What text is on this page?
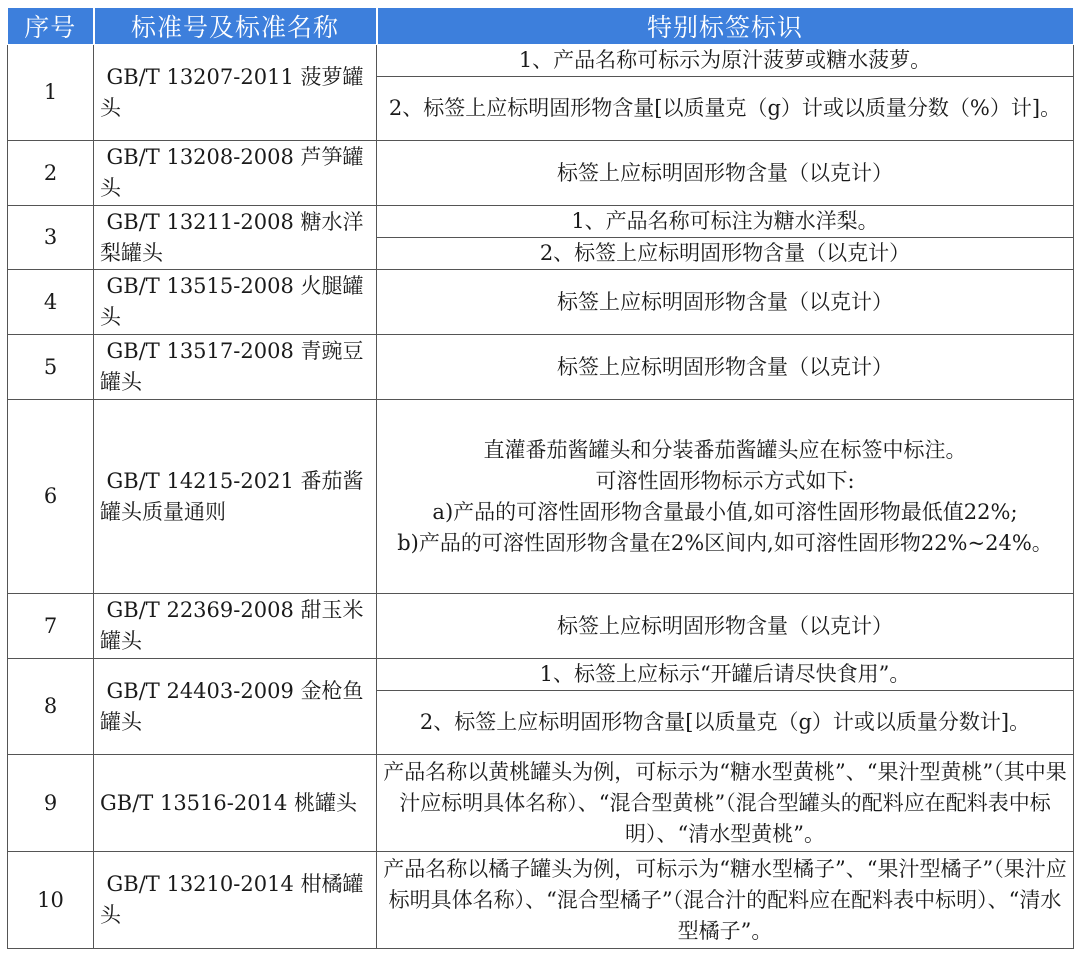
序号	标准号及标准名称	特别标签标识
1	GB/T 13207-2011 菠萝罐头	1、产品名称可标示为原汁菠萝或糖水菠萝。
		2、标签上应标明固形物含量[以质量克（g）计或以质量分数（%）计]。
2	GB/T 13208-2008 芦笋罐头	标签上应标明固形物含量（以克计）
3	GB/T 13211-2008 糖水洋梨罐头	1、产品名称可标注为糖水洋梨。
		2、标签上应标明固形物含量（以克计）
4	GB/T 13515-2008 火腿罐头	标签上应标明固形物含量（以克计）
5	GB/T 13517-2008 青豌豆罐头	标签上应标明固形物含量（以克计）
6	GB/T 14215-2021 番茄酱罐头质量通则	直灌番茄酱罐头和分装番茄酱罐头应在标签中标注。
可溶性固形物标示方式如下:
a)产品的可溶性固形物含量最小值,如可溶性固形物最低值22%;
b)产品的可溶性固形物含量在2%区间内,如可溶性固形物22%~24%。

7	GB/T 22369-2008 甜玉米罐头	标签上应标明固形物含量（以克计）
8	GB/T 24403-2009 金枪鱼罐头	1、标签上应标示“开罐后请尽快食用”。
		2、标签上应标明固形物含量[以质量克（g）计或以质量分数计]。
9	GB/T 13516-2014 桃罐头	产品名称以黄桃罐头为例，可标示为“糖水型黄桃”、“果汁型黄桃”（其中果汁应标明具体名称）、“混合型黄桃”（混合型罐头的配料应在配料表中标明）、“清水型黄桃”。
10	GB/T 13210-2014 柑橘罐头	产品名称以橘子罐头为例，可标示为“糖水型橘子”、“果汁型橘子”（果汁应标明具体名称）、“混合型橘子”（混合汁的配料应在配料表中标明）、“清水型橘子”。
